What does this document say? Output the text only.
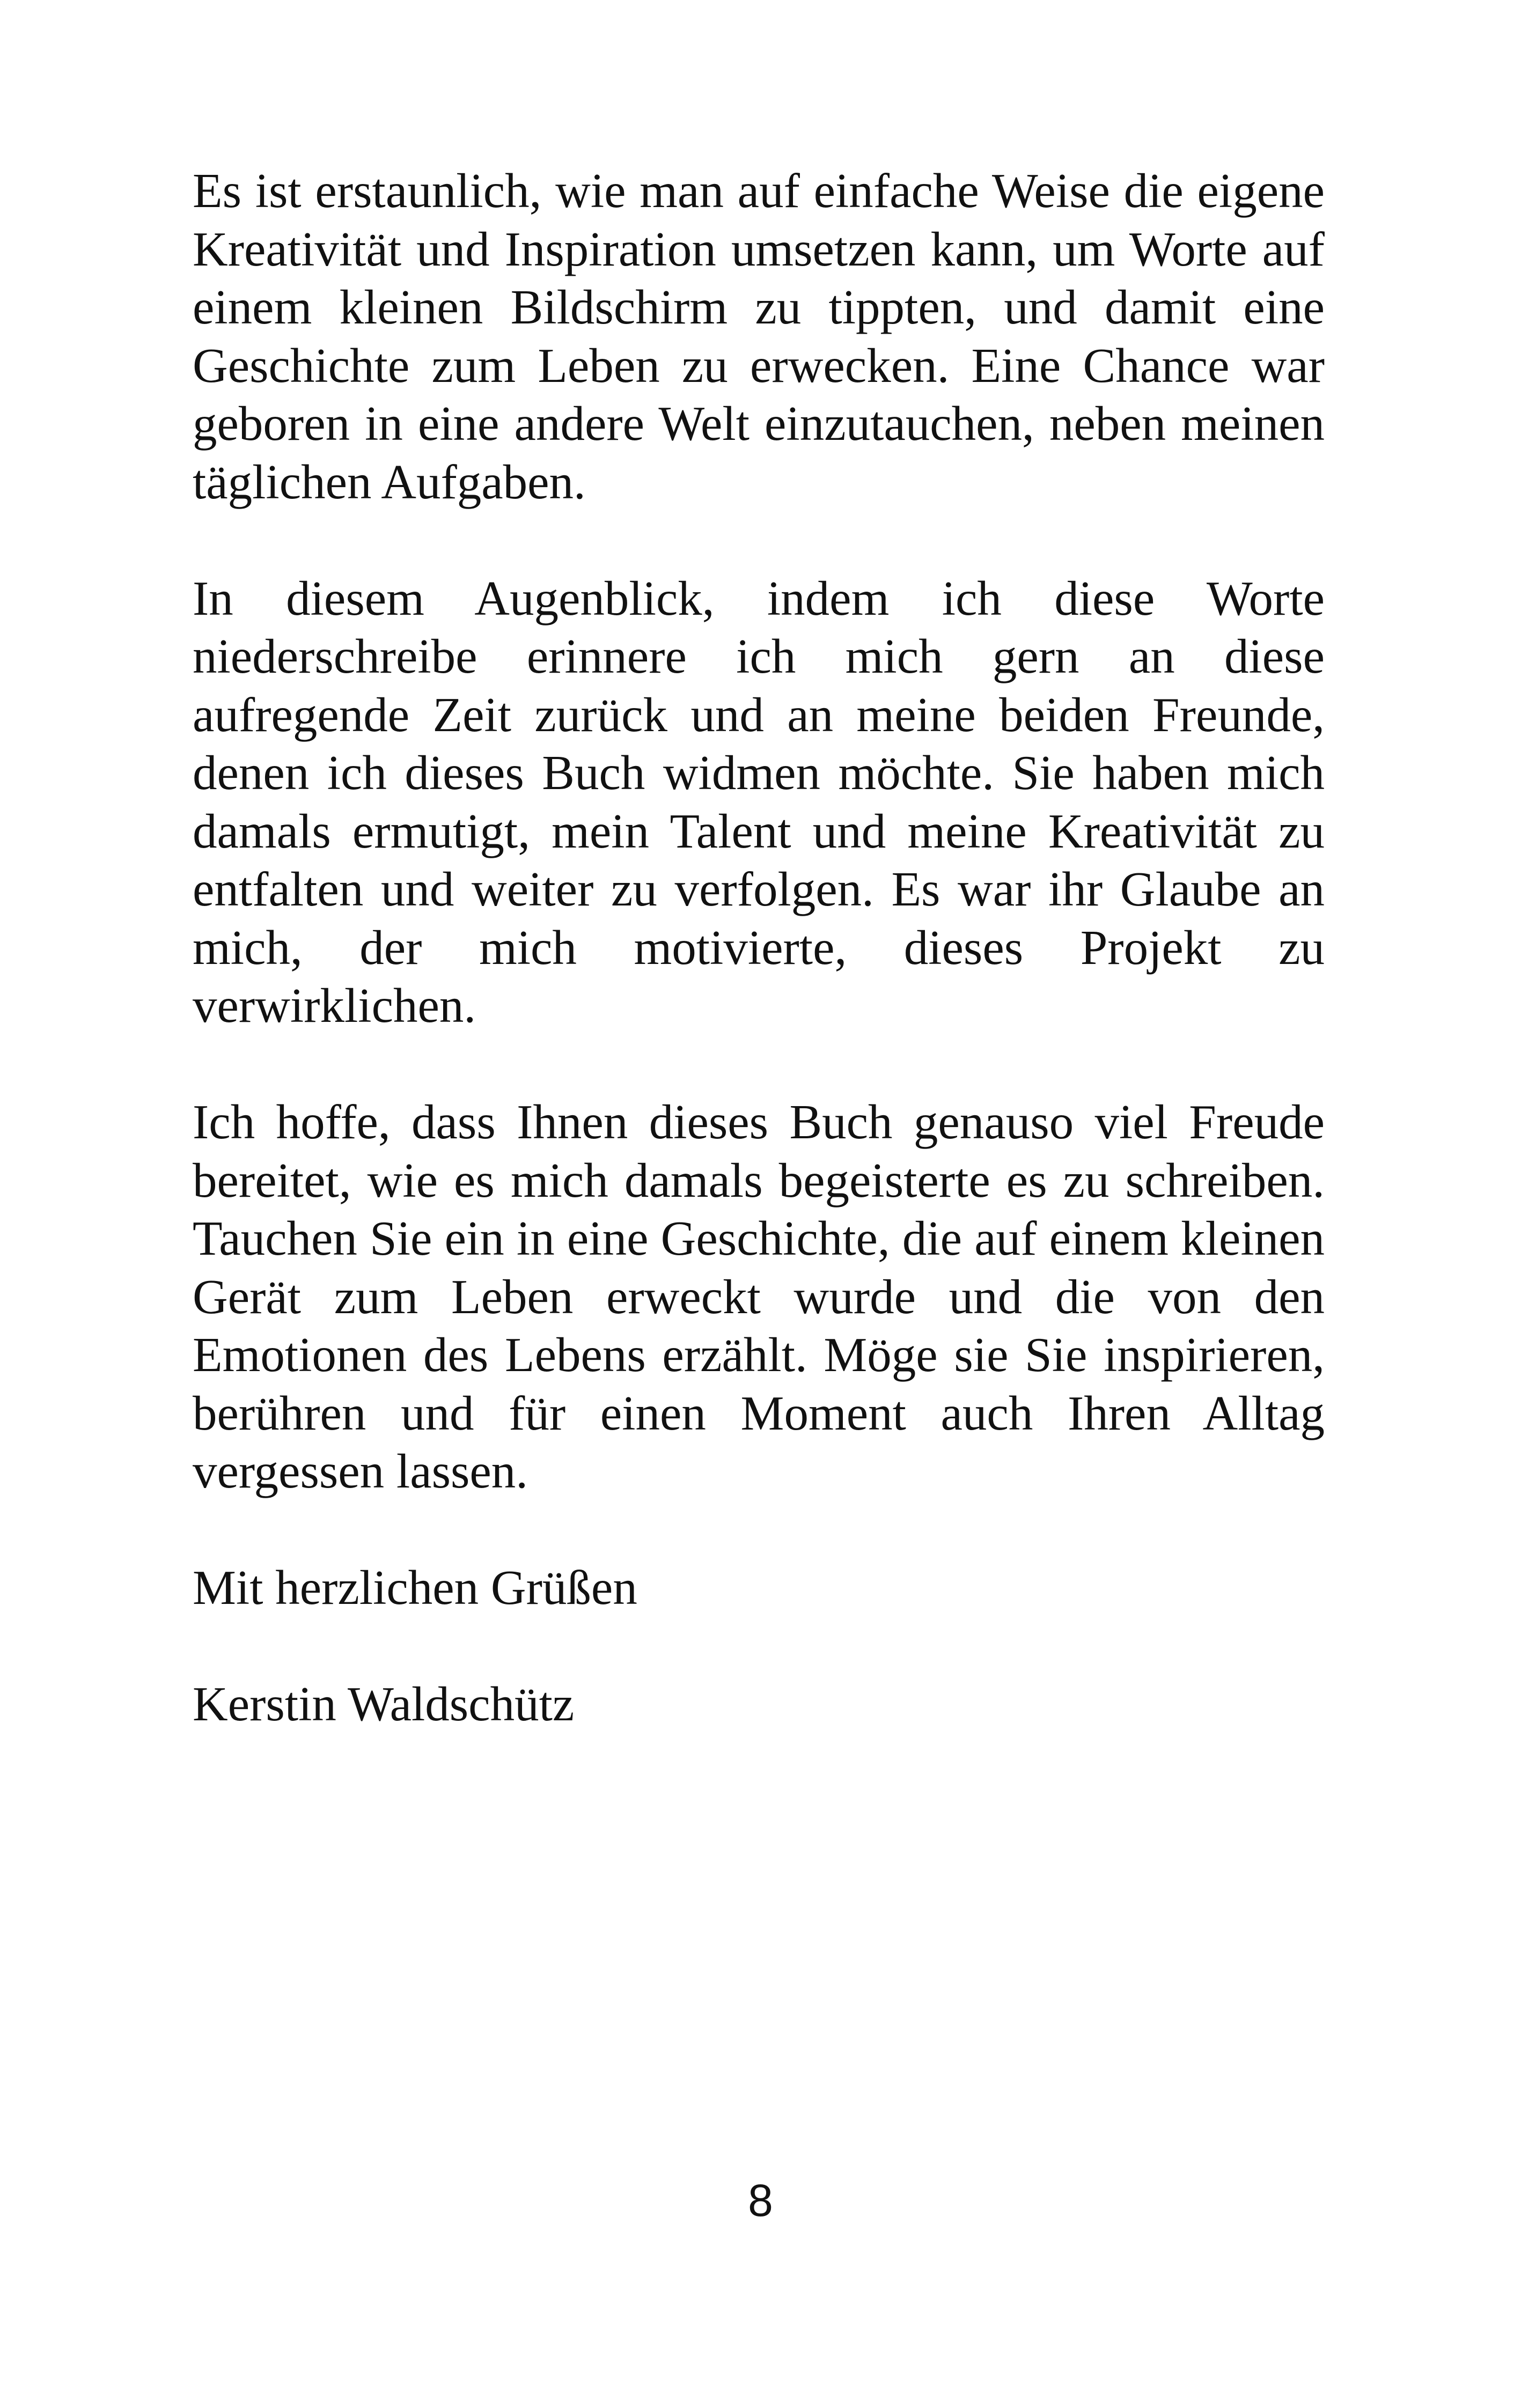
Es ist erstaunlich, wie man auf einfache Weise die eigene Kreativität und Inspiration umsetzen kann, um Worte auf einem kleinen Bildschirm zu tippten, und damit eine Geschichte zum Leben zu erwecken. Eine Chance war geboren in eine andere Welt einzutauchen, neben meinen täglichen Aufgaben.

In diesem Augenblick, indem ich diese Worte niederschreibe erinnere ich mich gern an diese aufregende Zeit zurück und an meine beiden Freunde, denen ich dieses Buch widmen möchte. Sie haben mich damals ermutigt, mein Talent und meine Kreativität zu entfalten und weiter zu verfolgen. Es war ihr Glaube an mich, der mich motivierte, dieses Projekt zu verwirklichen.

Ich hoffe, dass Ihnen dieses Buch genauso viel Freude bereitet, wie es mich damals begeisterte es zu schreiben. Tauchen Sie ein in eine Geschichte, die auf einem kleinen Gerät zum Leben erweckt wurde und die von den Emotionen des Lebens erzählt. Möge sie Sie inspirieren, berühren und für einen Moment auch Ihren Alltag vergessen lassen.

Mit herzlichen Grüßen

Kerstin Waldschütz

8
